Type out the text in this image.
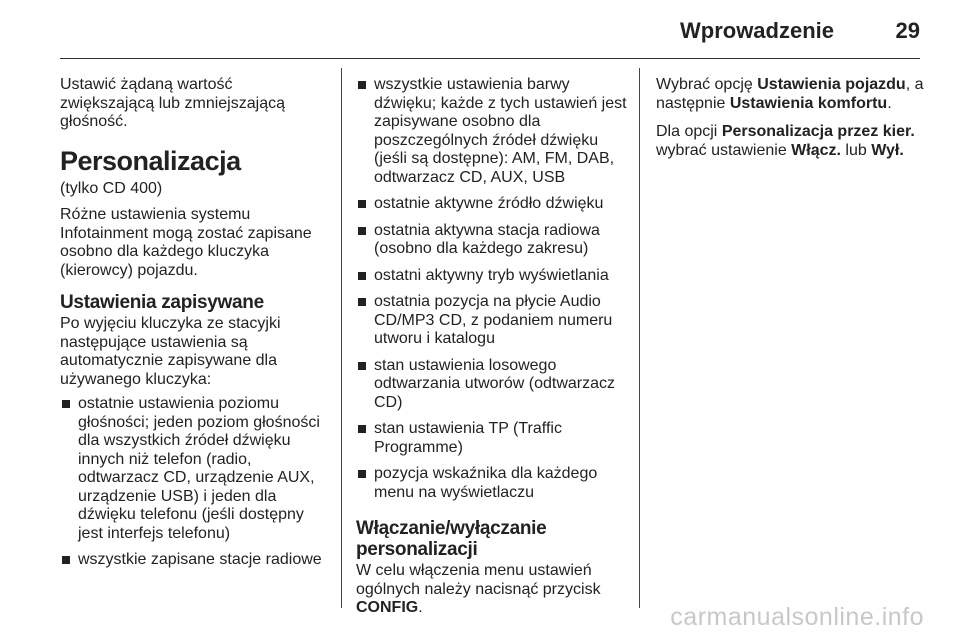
Wprowadzenie	29

Ustawić żądaną wartość zwiększającą lub zmniejszającą głośność.

Personalizacja

(tylko CD 400)

Różne ustawienia systemu Infotainment mogą zostać zapisane osobno dla każdego kluczyka (kierowcy) pojazdu.

Ustawienia zapisywane

Po wyjęciu kluczyka ze stacyjki następujące ustawienia są automatycznie zapisywane dla używanego kluczyka:

ostatnie ustawienia poziomu głośności; jeden poziom głośności dla wszystkich źródeł dźwięku innych niż telefon (radio, odtwarzacz CD, urządzenie AUX, urządzenie USB) i jeden dla dźwięku telefonu (jeśli dostępny jest interfejs telefonu)
wszystkie zapisane stacje radiowe
wszystkie ustawienia barwy dźwięku; każde z tych ustawień jest zapisywane osobno dla poszczególnych źródeł dźwięku (jeśli są dostępne): AM, FM, DAB, odtwarzacz CD, AUX, USB
ostatnie aktywne źródło dźwięku
ostatnia aktywna stacja radiowa (osobno dla każdego zakresu)
ostatni aktywny tryb wyświetlania
ostatnia pozycja na płycie Audio CD/MP3 CD, z podaniem numeru utworu i katalogu
stan ustawienia losowego odtwarzania utworów (odtwarzacz CD)
stan ustawienia TP (Traffic Programme)
pozycja wskaźnika dla każdego menu na wyświetlaczu
Włączanie/wyłączanie personalizacji

W celu włączenia menu ustawień ogólnych należy nacisnąć przycisk CONFIG.

Wybrać opcję Ustawienia pojazdu, a następnie Ustawienia komfortu.

Dla opcji Personalizacja przez kier. wybrać ustawienie Włącz. lub Wył.

carmanualsonline.info
